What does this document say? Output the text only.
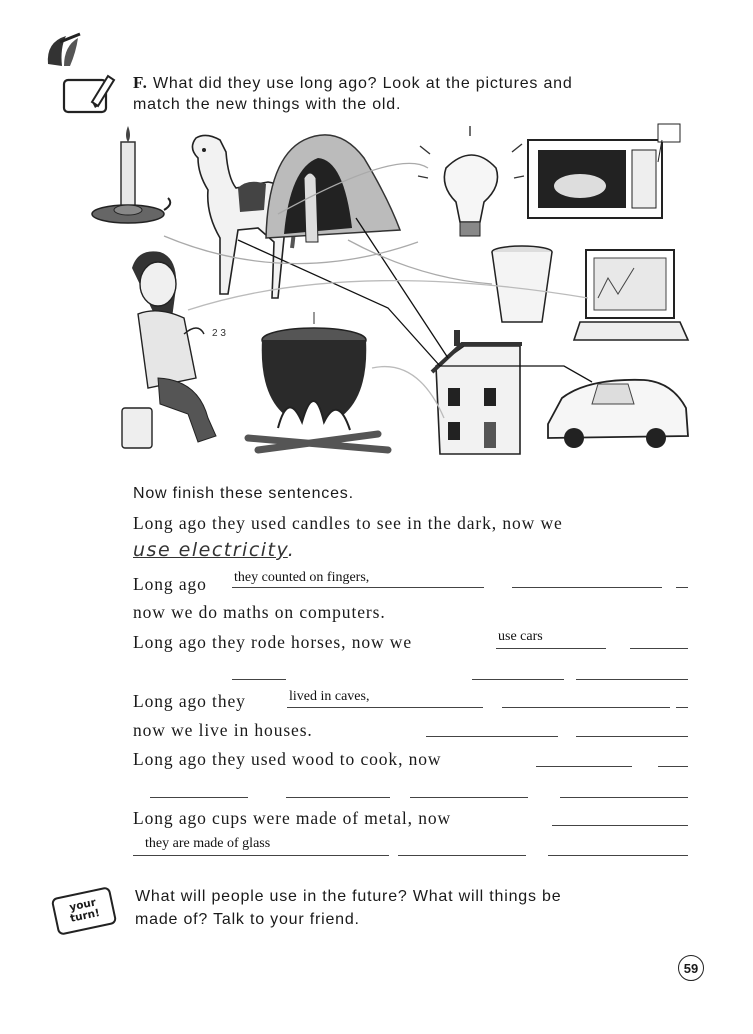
F. What did they use long ago? Look at the pictures and
match the new things with the old.
2 3
Now finish these sentences.
Long ago they used candles to see in the dark, now we
use electricity.
Long ago they counted on fingers,
now we do maths on computers.
Long ago they rode horses, now we	use cars
Long ago they	lived in caves,
now we live in houses.
Long ago they used wood to cook, now
Long ago cups were made of metal, now
they are made of glass
your turn!
What will people use in the future? What will things be
made of? Talk to your friend.
59
